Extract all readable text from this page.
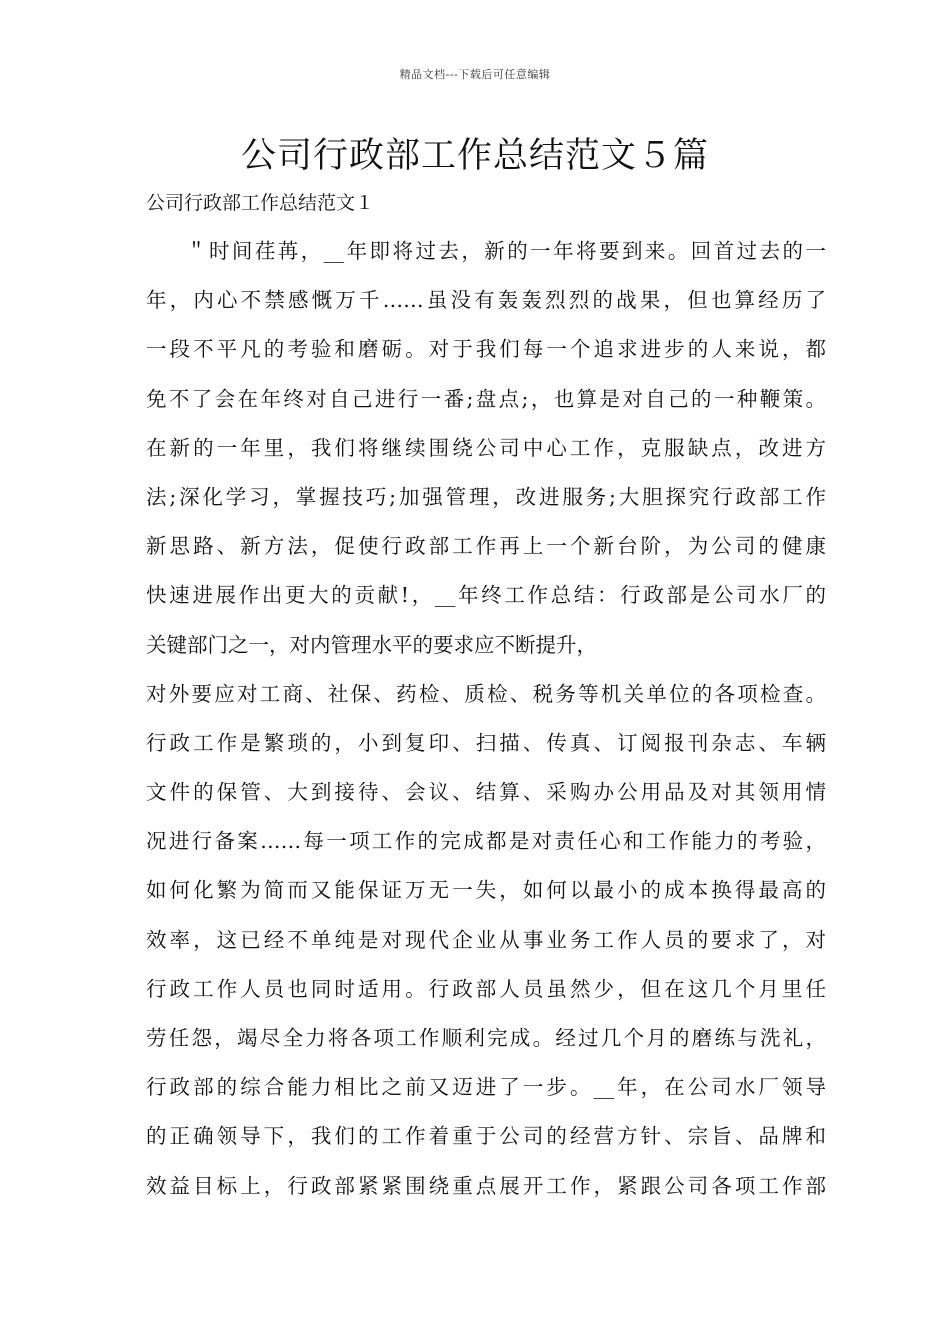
精品文档---下载后可任意编辑
公司行政部工作总结范文５篇
公司行政部工作总结范文１
＂时间荏苒，__年即将过去，新的一年将要到来。回首过去的一
年，内心不禁感慨万千……虽没有轰轰烈烈的战果，但也算经历了
一段不平凡的考验和磨砺。对于我们每一个追求进步的人来说，都
免不了会在年终对自己进行一番;盘点;，也算是对自己的一种鞭策。
在新的一年里，我们将继续围绕公司中心工作，克服缺点，改进方
法;深化学习，掌握技巧;加强管理，改进服务;大胆探究行政部工作
新思路、新方法，促使行政部工作再上一个新台阶，为公司的健康
快速进展作出更大的贡献!，__年终工作总结：行政部是公司水厂的
关键部门之一，对内管理水平的要求应不断提升，
对外要应对工商、社保、药检、质检、税务等机关单位的各项检查。
行政工作是繁琐的，小到复印、扫描、传真、订阅报刊杂志、车辆
文件的保管、大到接待、会议、结算、采购办公用品及对其领用情
况进行备案……每一项工作的完成都是对责任心和工作能力的考验，
如何化繁为简而又能保证万无一失，如何以最小的成本换得最高的
效率，这已经不单纯是对现代企业从事业务工作人员的要求了，对
行政工作人员也同时适用。行政部人员虽然少，但在这几个月里任
劳任怨，竭尽全力将各项工作顺利完成。经过几个月的磨练与洗礼，
行政部的综合能力相比之前又迈进了一步。__年，在公司水厂领导
的正确领导下，我们的工作着重于公司的经营方针、宗旨、品牌和
效益目标上，行政部紧紧围绕重点展开工作，紧跟公司各项工作部
